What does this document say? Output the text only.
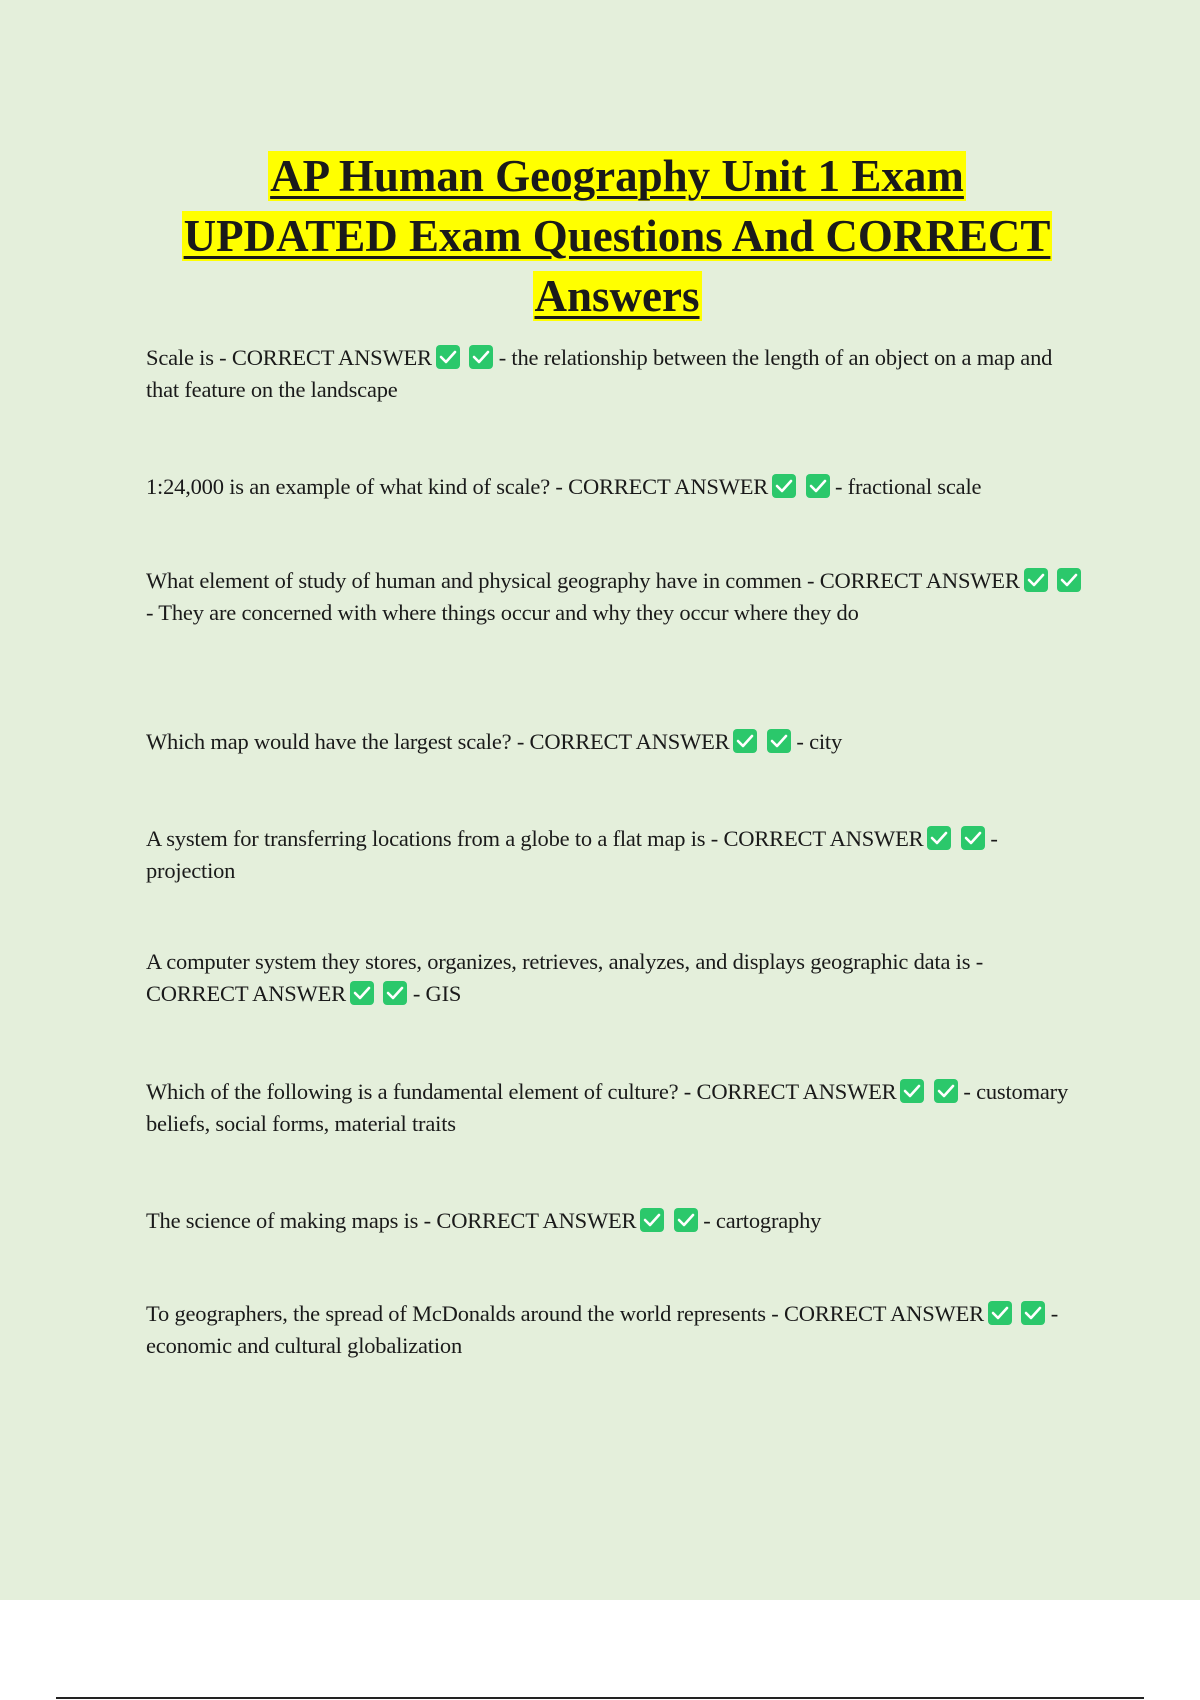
AP Human Geography Unit 1 Exam
UPDATED Exam Questions And CORRECT
Answers
Scale is - CORRECT ANSWER
	- the relationship between the length of an object on a map and that feature on the landscape
1:24,000 is an example of what kind of scale? - CORRECT ANSWER
	- fractional scale
What element of study of human and physical geography have in commen - CORRECT ANSWER

- They are concerned with where things occur and why they occur where they do
Which map would have the largest scale? - CORRECT ANSWER
	- city
A system for transferring locations from a globe to a flat map is - CORRECT ANSWER
	- projection
A computer system they stores, organizes, retrieves, analyzes, and displays geographic data is - CORRECT ANSWER
	- GIS
Which of the following is a fundamental element of culture? - CORRECT ANSWER
	- customary beliefs, social forms, material traits
The science of making maps is - CORRECT ANSWER
	- cartography
To geographers, the spread of McDonalds around the world represents - CORRECT ANSWER
	- economic and cultural globalization
